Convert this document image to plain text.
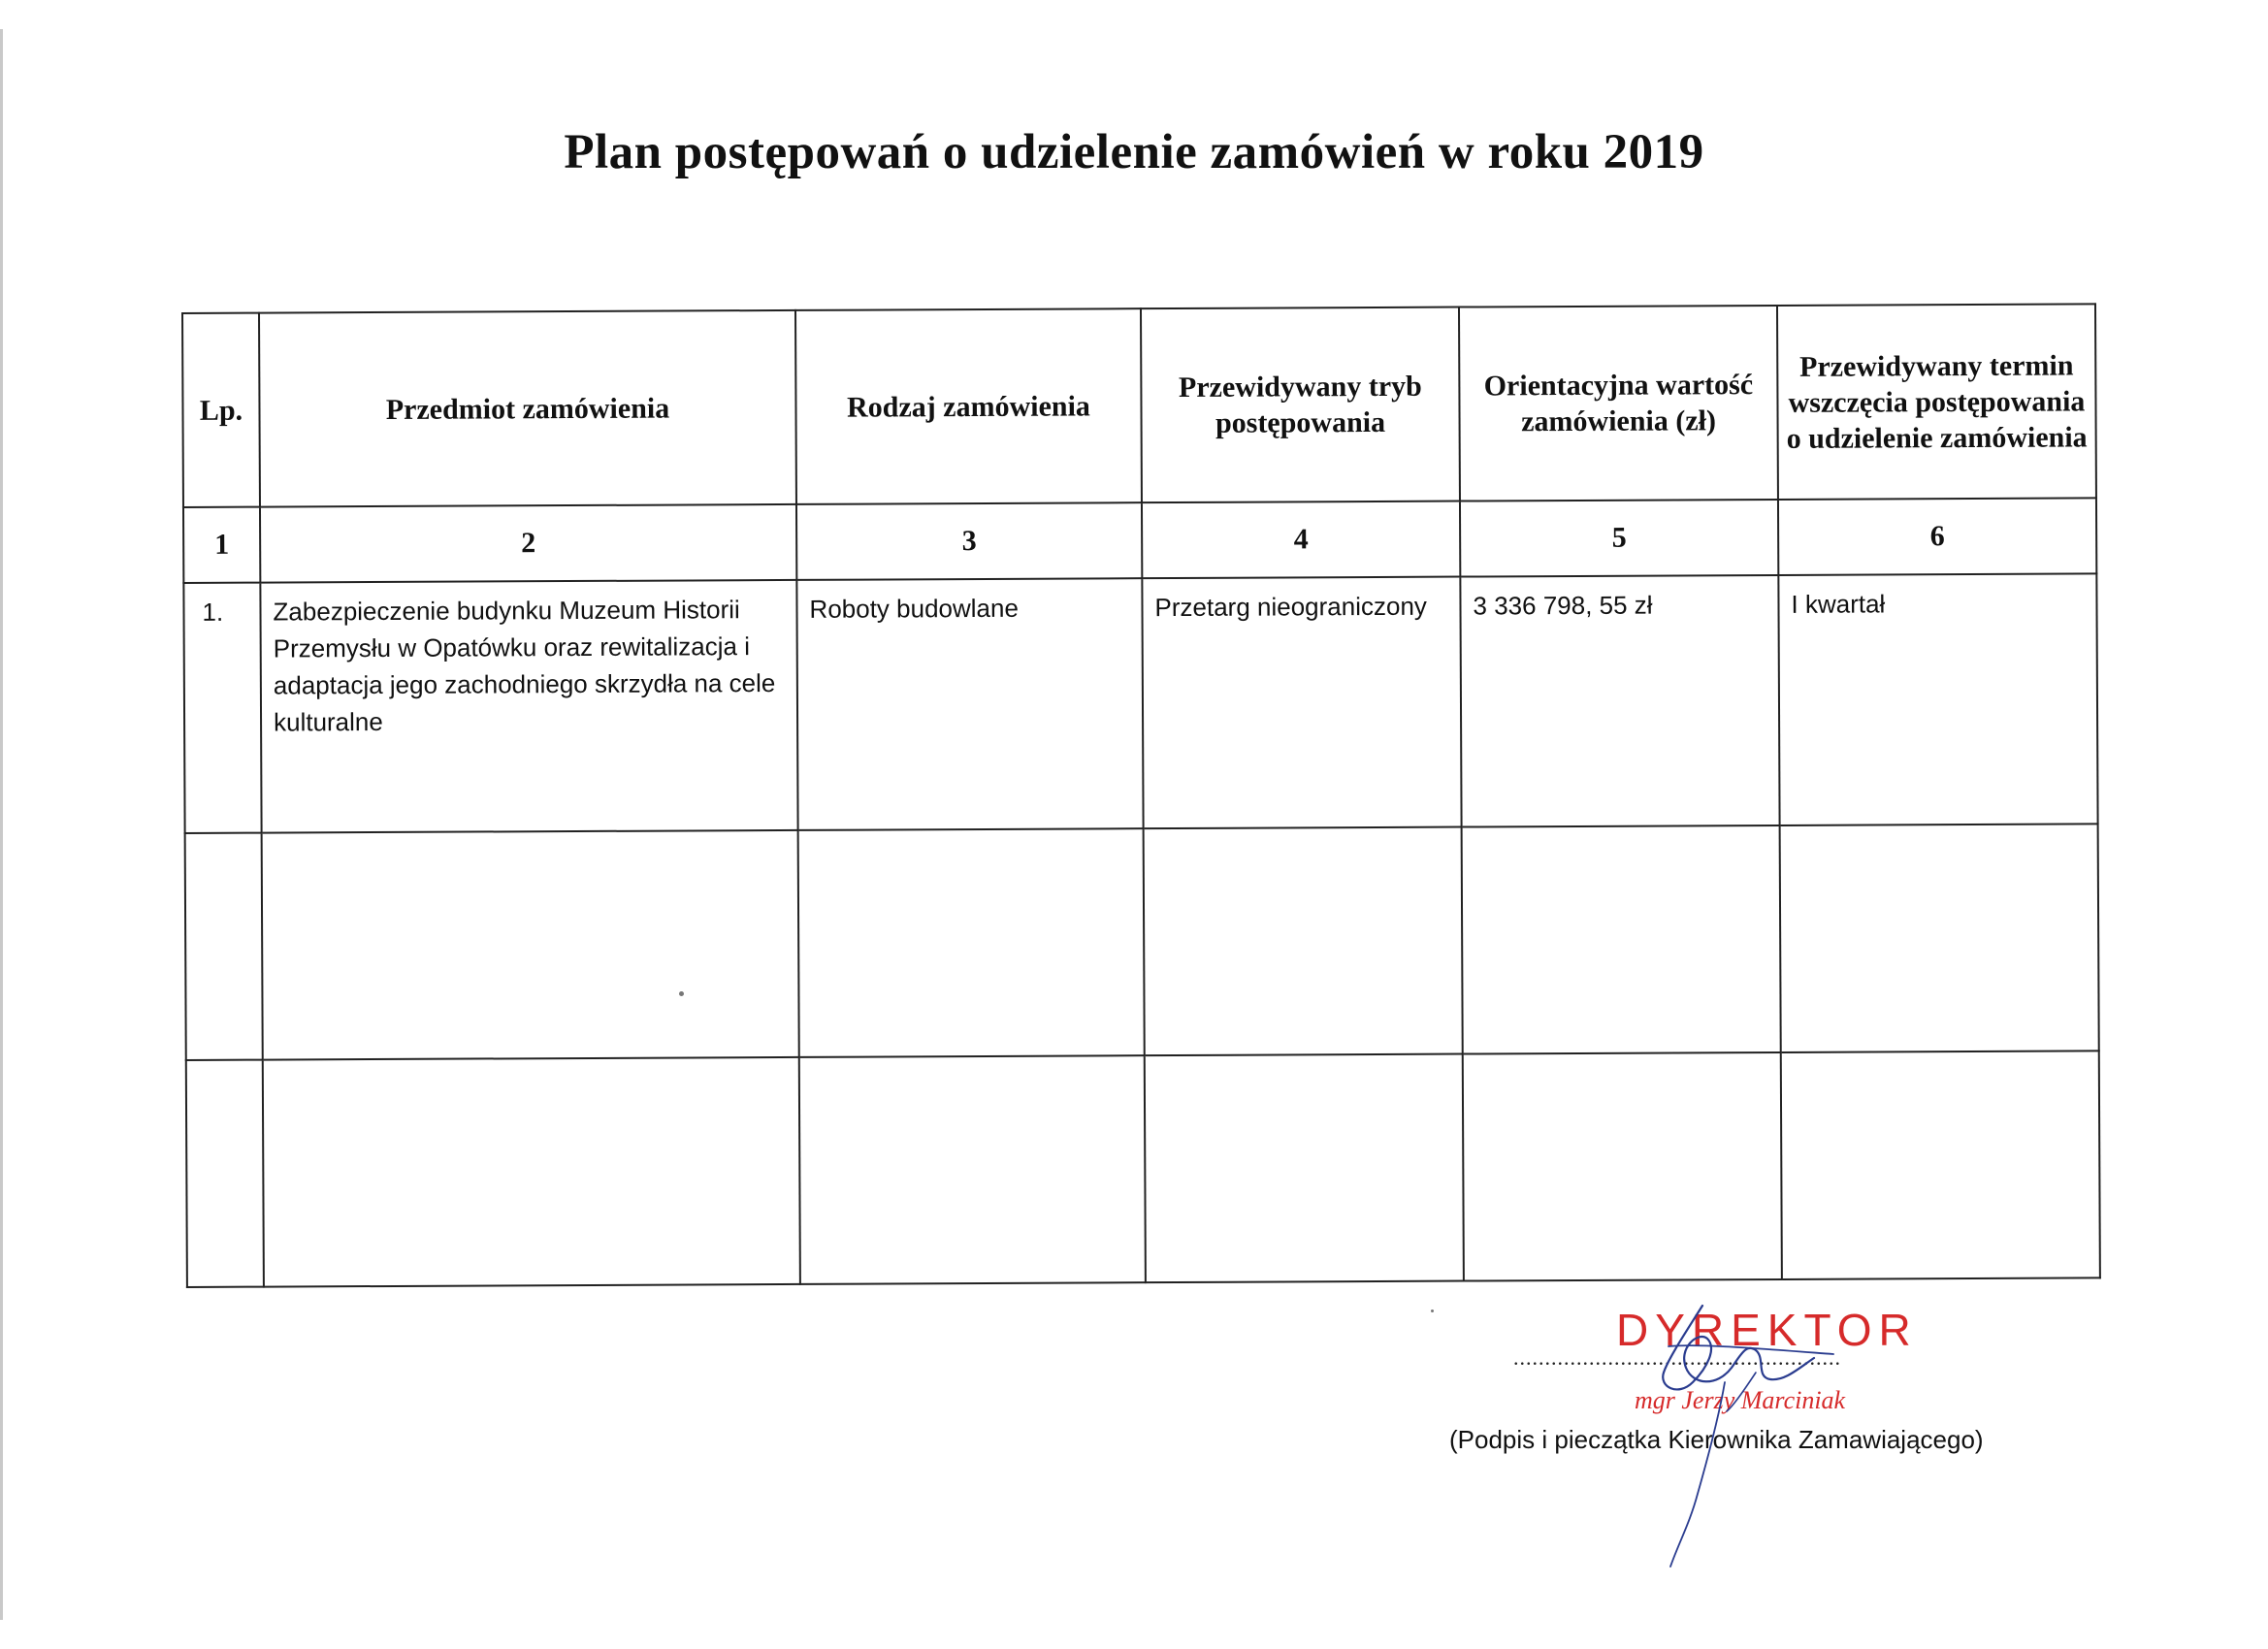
Plan postępowań o udzielenie zamówień w roku 2019
Lp.	Przedmiot zamówienia	Rodzaj zamówienia	Przewidywany tryb postępowania	Orientacyjna wartość zamówienia (zł)	Przewidywany termin wszczęcia postępowania o udzielenie zamówienia
1	2	3	4	5	6
1.	Zabezpieczenie budynku Muzeum Historii Przemysłu w Opatówku oraz rewitalizacja i adaptacja jego zachodniego skrzydła na cele kulturalne	Roboty budowlane	Przetarg nieograniczony	3 336 798, 55 zł	I kwartał

DYREKTOR
....................................................
mgr Jerzy Marciniak
(Podpis i pieczątka Kierownika Zamawiającego)
